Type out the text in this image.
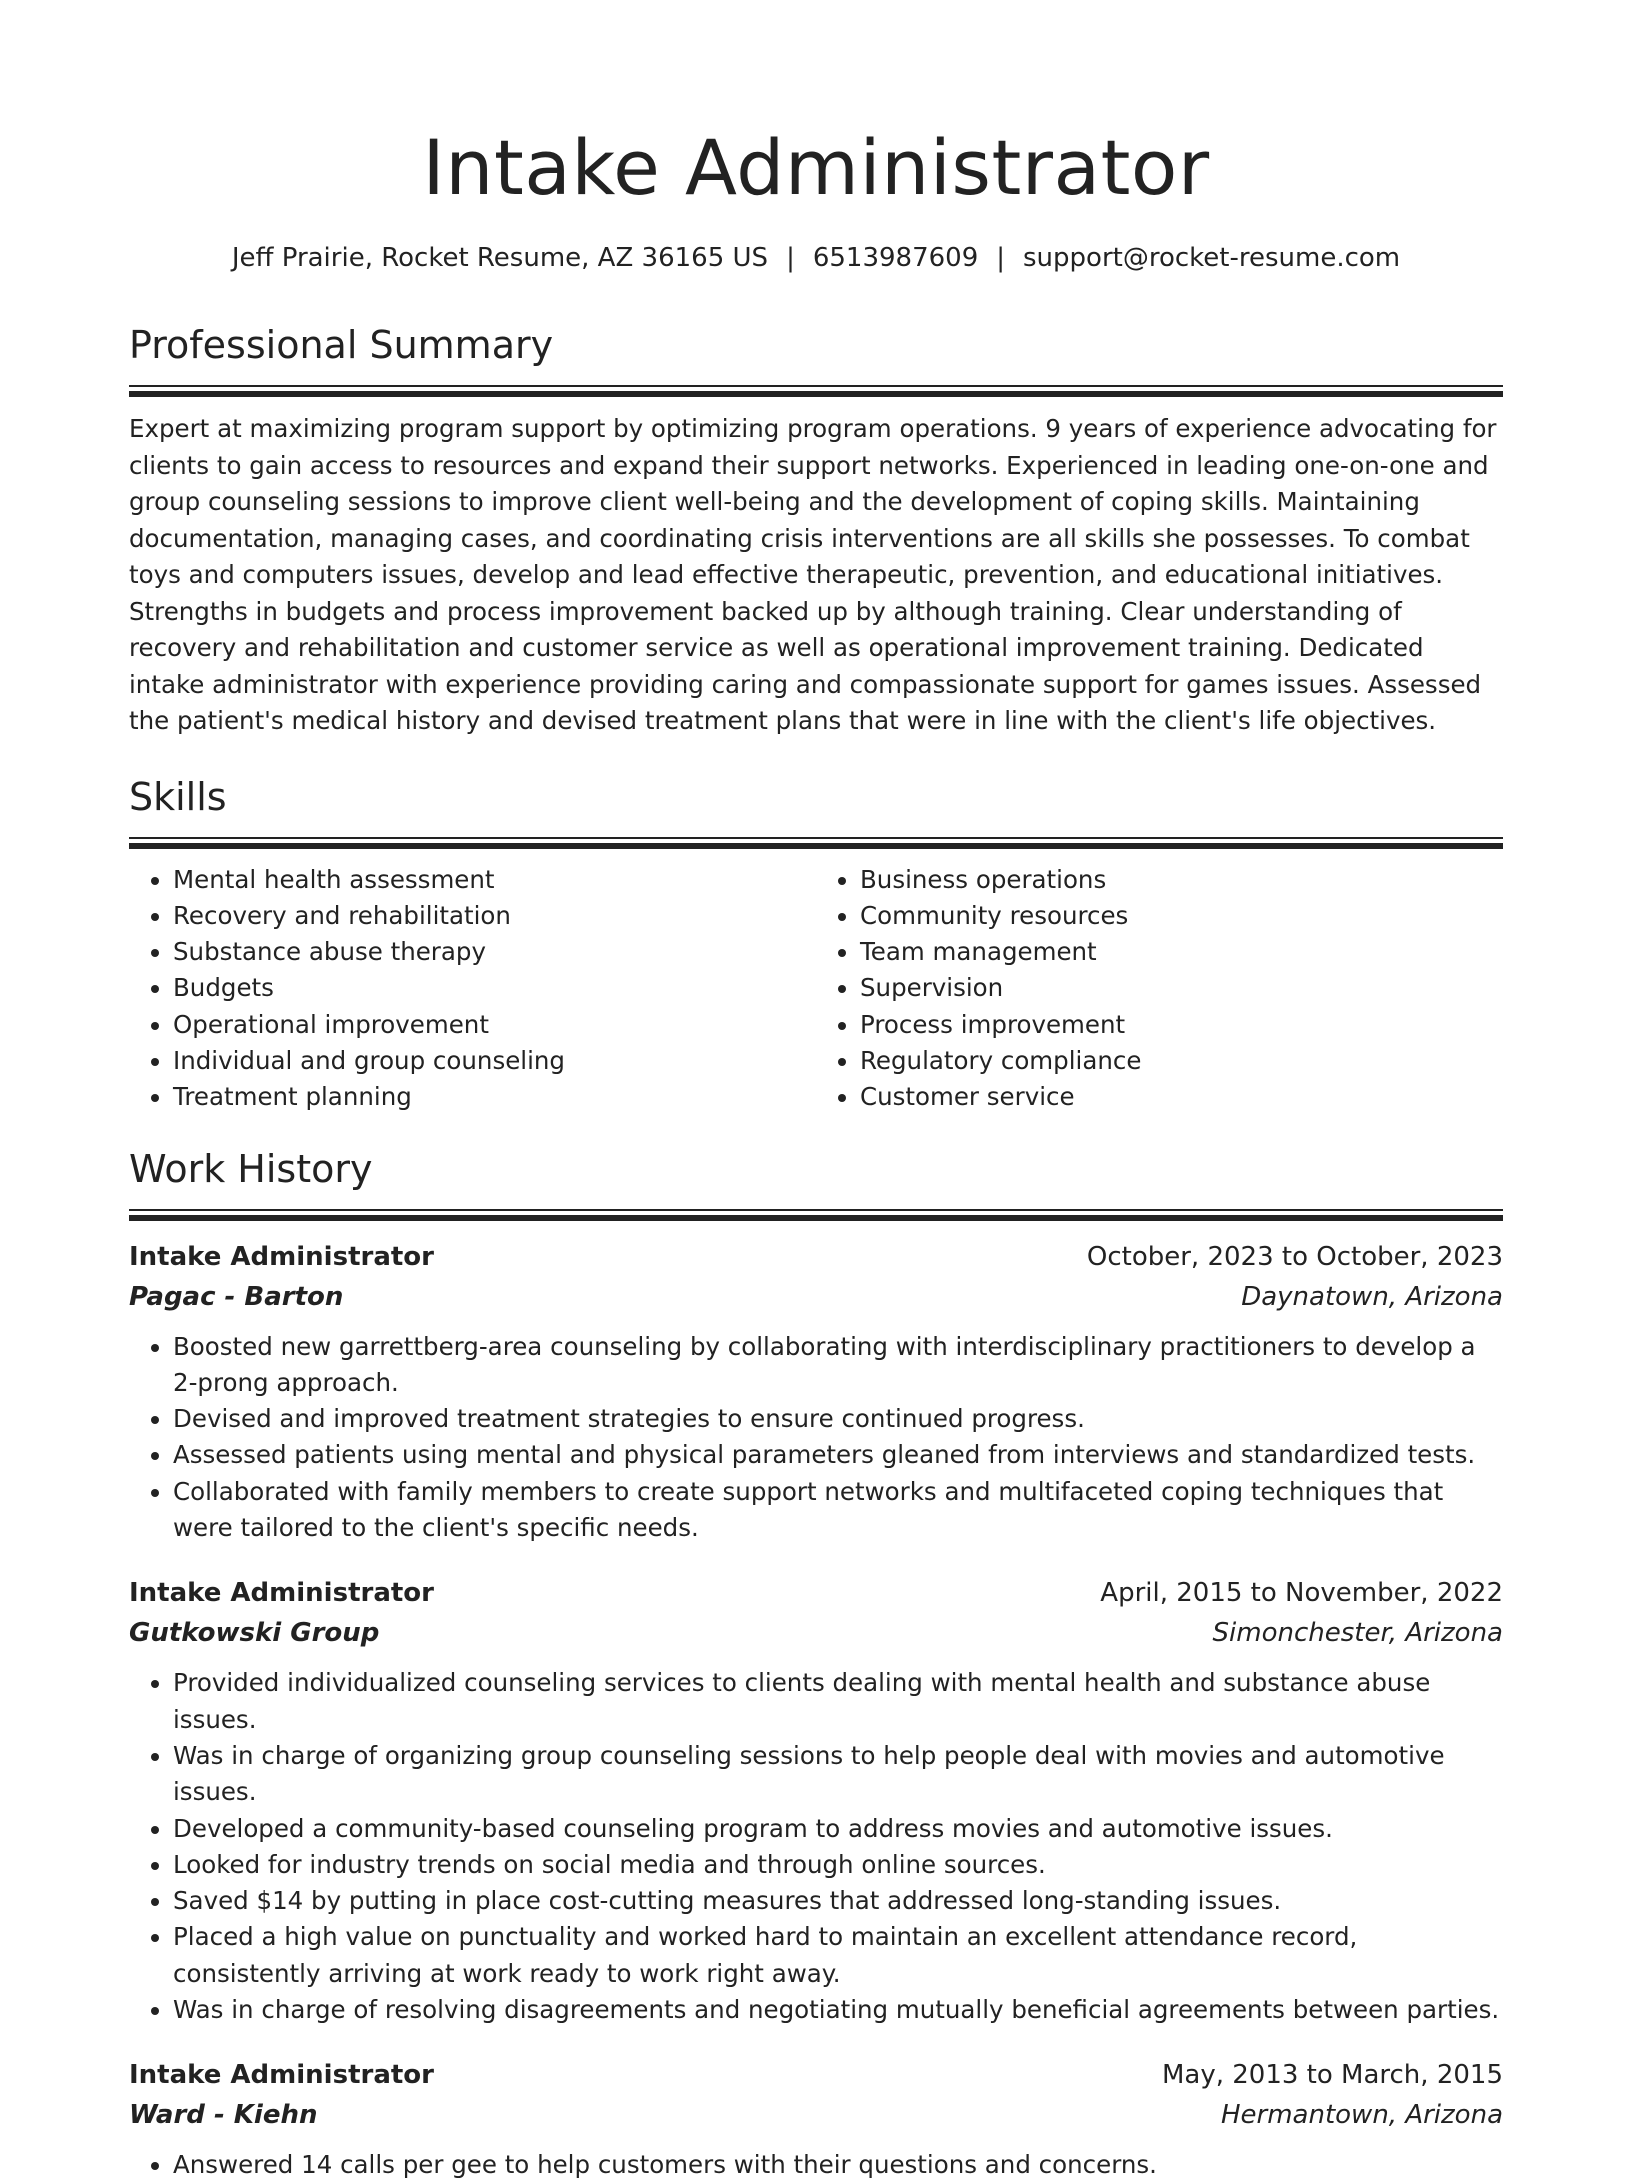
Intake Administrator
Jeff Prairie, Rocket Resume, AZ 36165 US | 6513987609 | support@rocket-resume.com
Professional Summary

Expert at maximizing program support by optimizing program operations. 9 years of experience advocating for clients to gain access to resources and expand their support networks. Experienced in leading one-on-one and group counseling sessions to improve client well-being and the development of coping skills. Maintaining documentation, managing cases, and coordinating crisis interventions are all skills she possesses. To combat toys and computers issues, develop and lead effective therapeutic, prevention, and educational initiatives. Strengths in budgets and process improvement backed up by although training. Clear understanding of recovery and rehabilitation and customer service as well as operational improvement training. Dedicated intake administrator with experience providing caring and compassionate support for games issues. Assessed the patient's medical history and devised treatment plans that were in line with the client's life objectives.

Skills
• Mental health assessment
• Recovery and rehabilitation
• Substance abuse therapy
• Budgets
• Operational improvement
• Individual and group counseling
• Treatment planning
• Business operations
• Community resources
• Team management
• Supervision
• Process improvement
• Regulatory compliance
• Customer service
Work History
Intake Administrator	October, 2023 to October, 2023
Pagac - Barton	Daynatown, Arizona
• Boosted new garrettberg-area counseling by collaborating with interdisciplinary practitioners to develop a 2-prong approach.
• Devised and improved treatment strategies to ensure continued progress.
• Assessed patients using mental and physical parameters gleaned from interviews and standardized tests.
• Collaborated with family members to create support networks and multifaceted coping techniques that were tailored to the client's specific needs.
Intake Administrator	April, 2015 to November, 2022
Gutkowski Group	Simonchester, Arizona
• Provided individualized counseling services to clients dealing with mental health and substance abuse issues.
• Was in charge of organizing group counseling sessions to help people deal with movies and automotive issues.
• Developed a community-based counseling program to address movies and automotive issues.
• Looked for industry trends on social media and through online sources.
• Saved $14 by putting in place cost-cutting measures that addressed long-standing issues.
• Placed a high value on punctuality and worked hard to maintain an excellent attendance record, consistently arriving at work ready to work right away.
• Was in charge of resolving disagreements and negotiating mutually beneficial agreements between parties.
Intake Administrator	May, 2013 to March, 2015
Ward - Kiehn	Hermantown, Arizona
• Answered 14 calls per gee to help customers with their questions and concerns.
